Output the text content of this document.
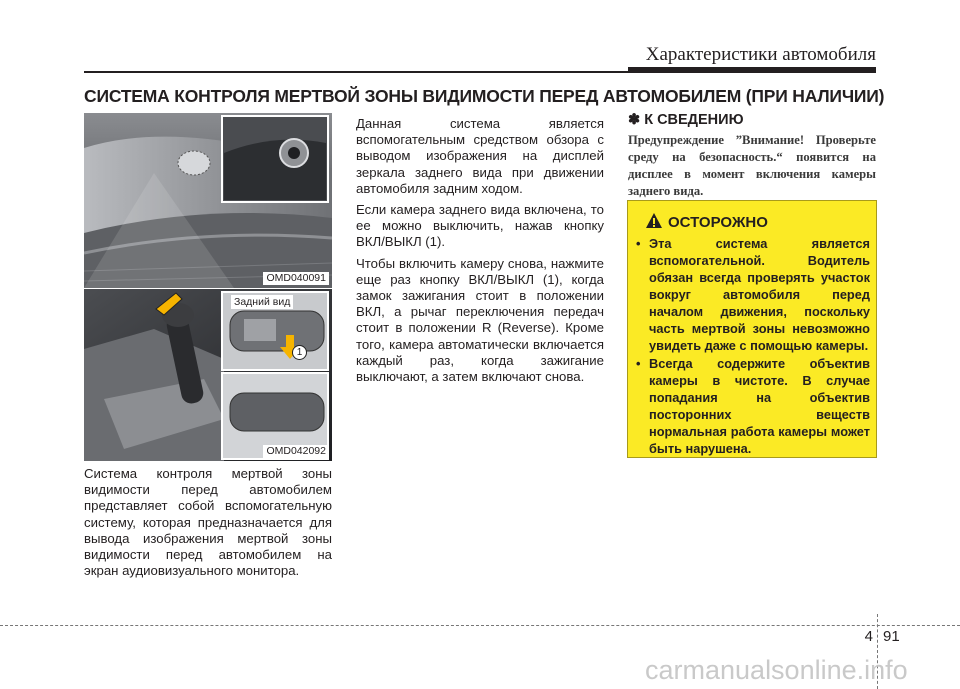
Характеристики автомобиля
СИСТЕМА КОНТРОЛЯ МЕРТВОЙ ЗОНЫ ВИДИМОСТИ ПЕРЕД АВТОМОБИЛЕМ (ПРИ НАЛИЧИИ)
OMD040091
Задний вид
1
OMD042092
Система контроля мертвой зоны видимости перед автомобилем представляет собой вспомогательную систему, которая предназначается для вывода изображения мертвой зоны видимости перед автомобилем на экран аудиовизуального монитора.

Данная система является вспомогательным средством обзора с выводом изображения на дисплей зеркала заднего вида при движении автомобиля задним ходом.

Если камера заднего вида включена, то ее можно выключить, нажав кнопку ВКЛ/ВЫКЛ (1).

Чтобы включить камеру снова, нажмите еще раз кнопку ВКЛ/ВЫКЛ (1), когда замок зажигания стоит в положении ВКЛ, а рычаг переключения передач стоит в положении R (Reverse). Кроме того, камера автоматически включается каждый раз, когда зажигание выключают, а затем включают снова.

✽ К СВЕДЕНИЮ
Предупреждение ”Внимание! Проверьте среду на безопасность.“ появится на дисплее в момент включения камеры заднего вида.
ОСТОРОЖНО
• Эта система является вспомогательной. Водитель обязан всегда проверять участок вокруг автомобиля перед началом движения, поскольку часть мертвой зоны невозможно увидеть даже с помощью камеры.
• Всегда содержите объектив камеры в чистоте. В случае попадания на объектив посторонних веществ нормальная работа камеры может быть нарушена.
4 91
carmanualsonline.info
